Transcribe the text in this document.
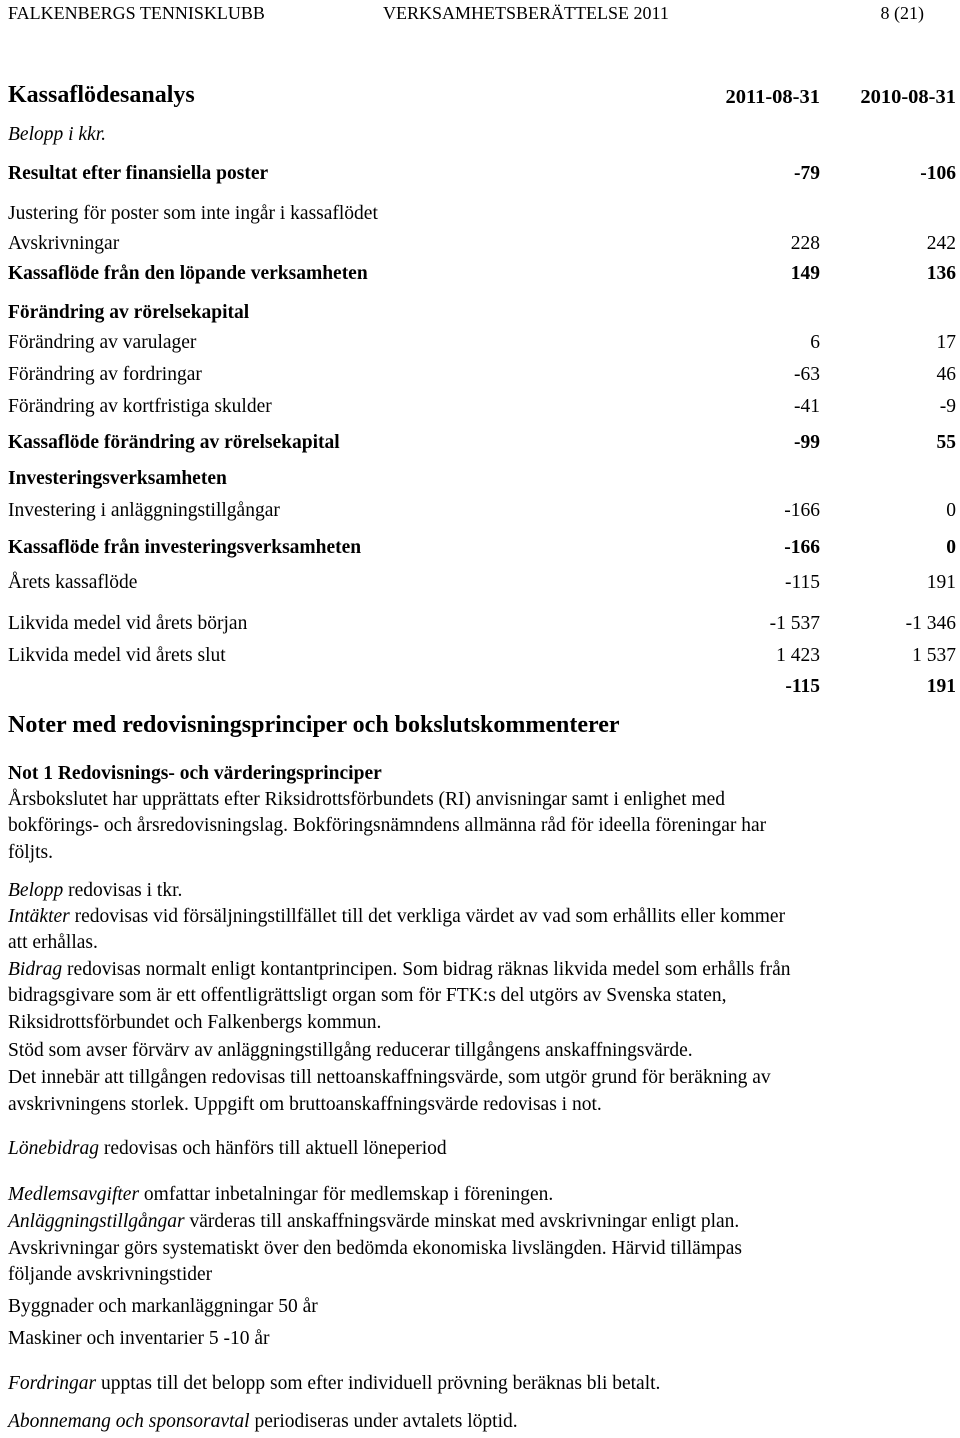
FALKENBERGS TENNISKLUBB	VERKSAMHETSBERÄTTELSE 2011	8 (21)
Kassaflödesanalys	2011-08-31 2010-08-31
Belopp i kkr.
Resultat efter finansiella poster	-79	-106
Justering för poster som inte ingår i kassaflödet
Avskrivningar	228	242
Kassaflöde från den löpande verksamheten	149	136
Förändring av rörelsekapital
Förändring av varulager	6	17
Förändring av fordringar	-63	46
Förändring av kortfristiga skulder	-41	-9
Kassaflöde förändring av rörelsekapital	-99	55
Investeringsverksamheten
Investering i anläggningstillgångar	-166	0
Kassaflöde från investeringsverksamheten	-166	0
Årets kassaflöde	-115	191
Likvida medel vid årets början	-1 537	-1 346
Likvida medel vid årets slut	1 423	1 537
-115	191
Noter med redovisningsprinciper och bokslutskommenterer
Not 1 Redovisnings- och värderingsprinciper
Årsbokslutet har upprättats efter Riksidrottsförbundets (RI) anvisningar samt i enlighet med
bokförings- och årsredovisningslag. Bokföringsnämndens allmänna råd för ideella föreningar har
följts.
Belopp redovisas i tkr.
Intäkter redovisas vid försäljningstillfället till det verkliga värdet av vad som erhållits eller kommer
att erhållas.
Bidrag redovisas normalt enligt kontantprincipen. Som bidrag räknas likvida medel som erhålls från
bidragsgivare som är ett offentligrättsligt organ som för FTK:s del utgörs av Svenska staten,
Riksidrottsförbundet och Falkenbergs kommun.
Stöd som avser förvärv av anläggningstillgång reducerar tillgångens anskaffningsvärde.
Det innebär att tillgången redovisas till nettoanskaffningsvärde, som utgör grund för beräkning av
avskrivningens storlek. Uppgift om bruttoanskaffningsvärde redovisas i not.
Lönebidrag redovisas och hänförs till aktuell löneperiod
Medlemsavgifter omfattar inbetalningar för medlemskap i föreningen.
Anläggningstillgångar värderas till anskaffningsvärde minskat med avskrivningar enligt plan.
Avskrivningar görs systematiskt över den bedömda ekonomiska livslängden. Härvid tillämpas
följande avskrivningstider
Byggnader och markanläggningar 50 år
Maskiner och inventarier 5 -10 år
Fordringar upptas till det belopp som efter individuell prövning beräknas bli betalt.
Abonnemang och sponsoravtal periodiseras under avtalets löptid.
